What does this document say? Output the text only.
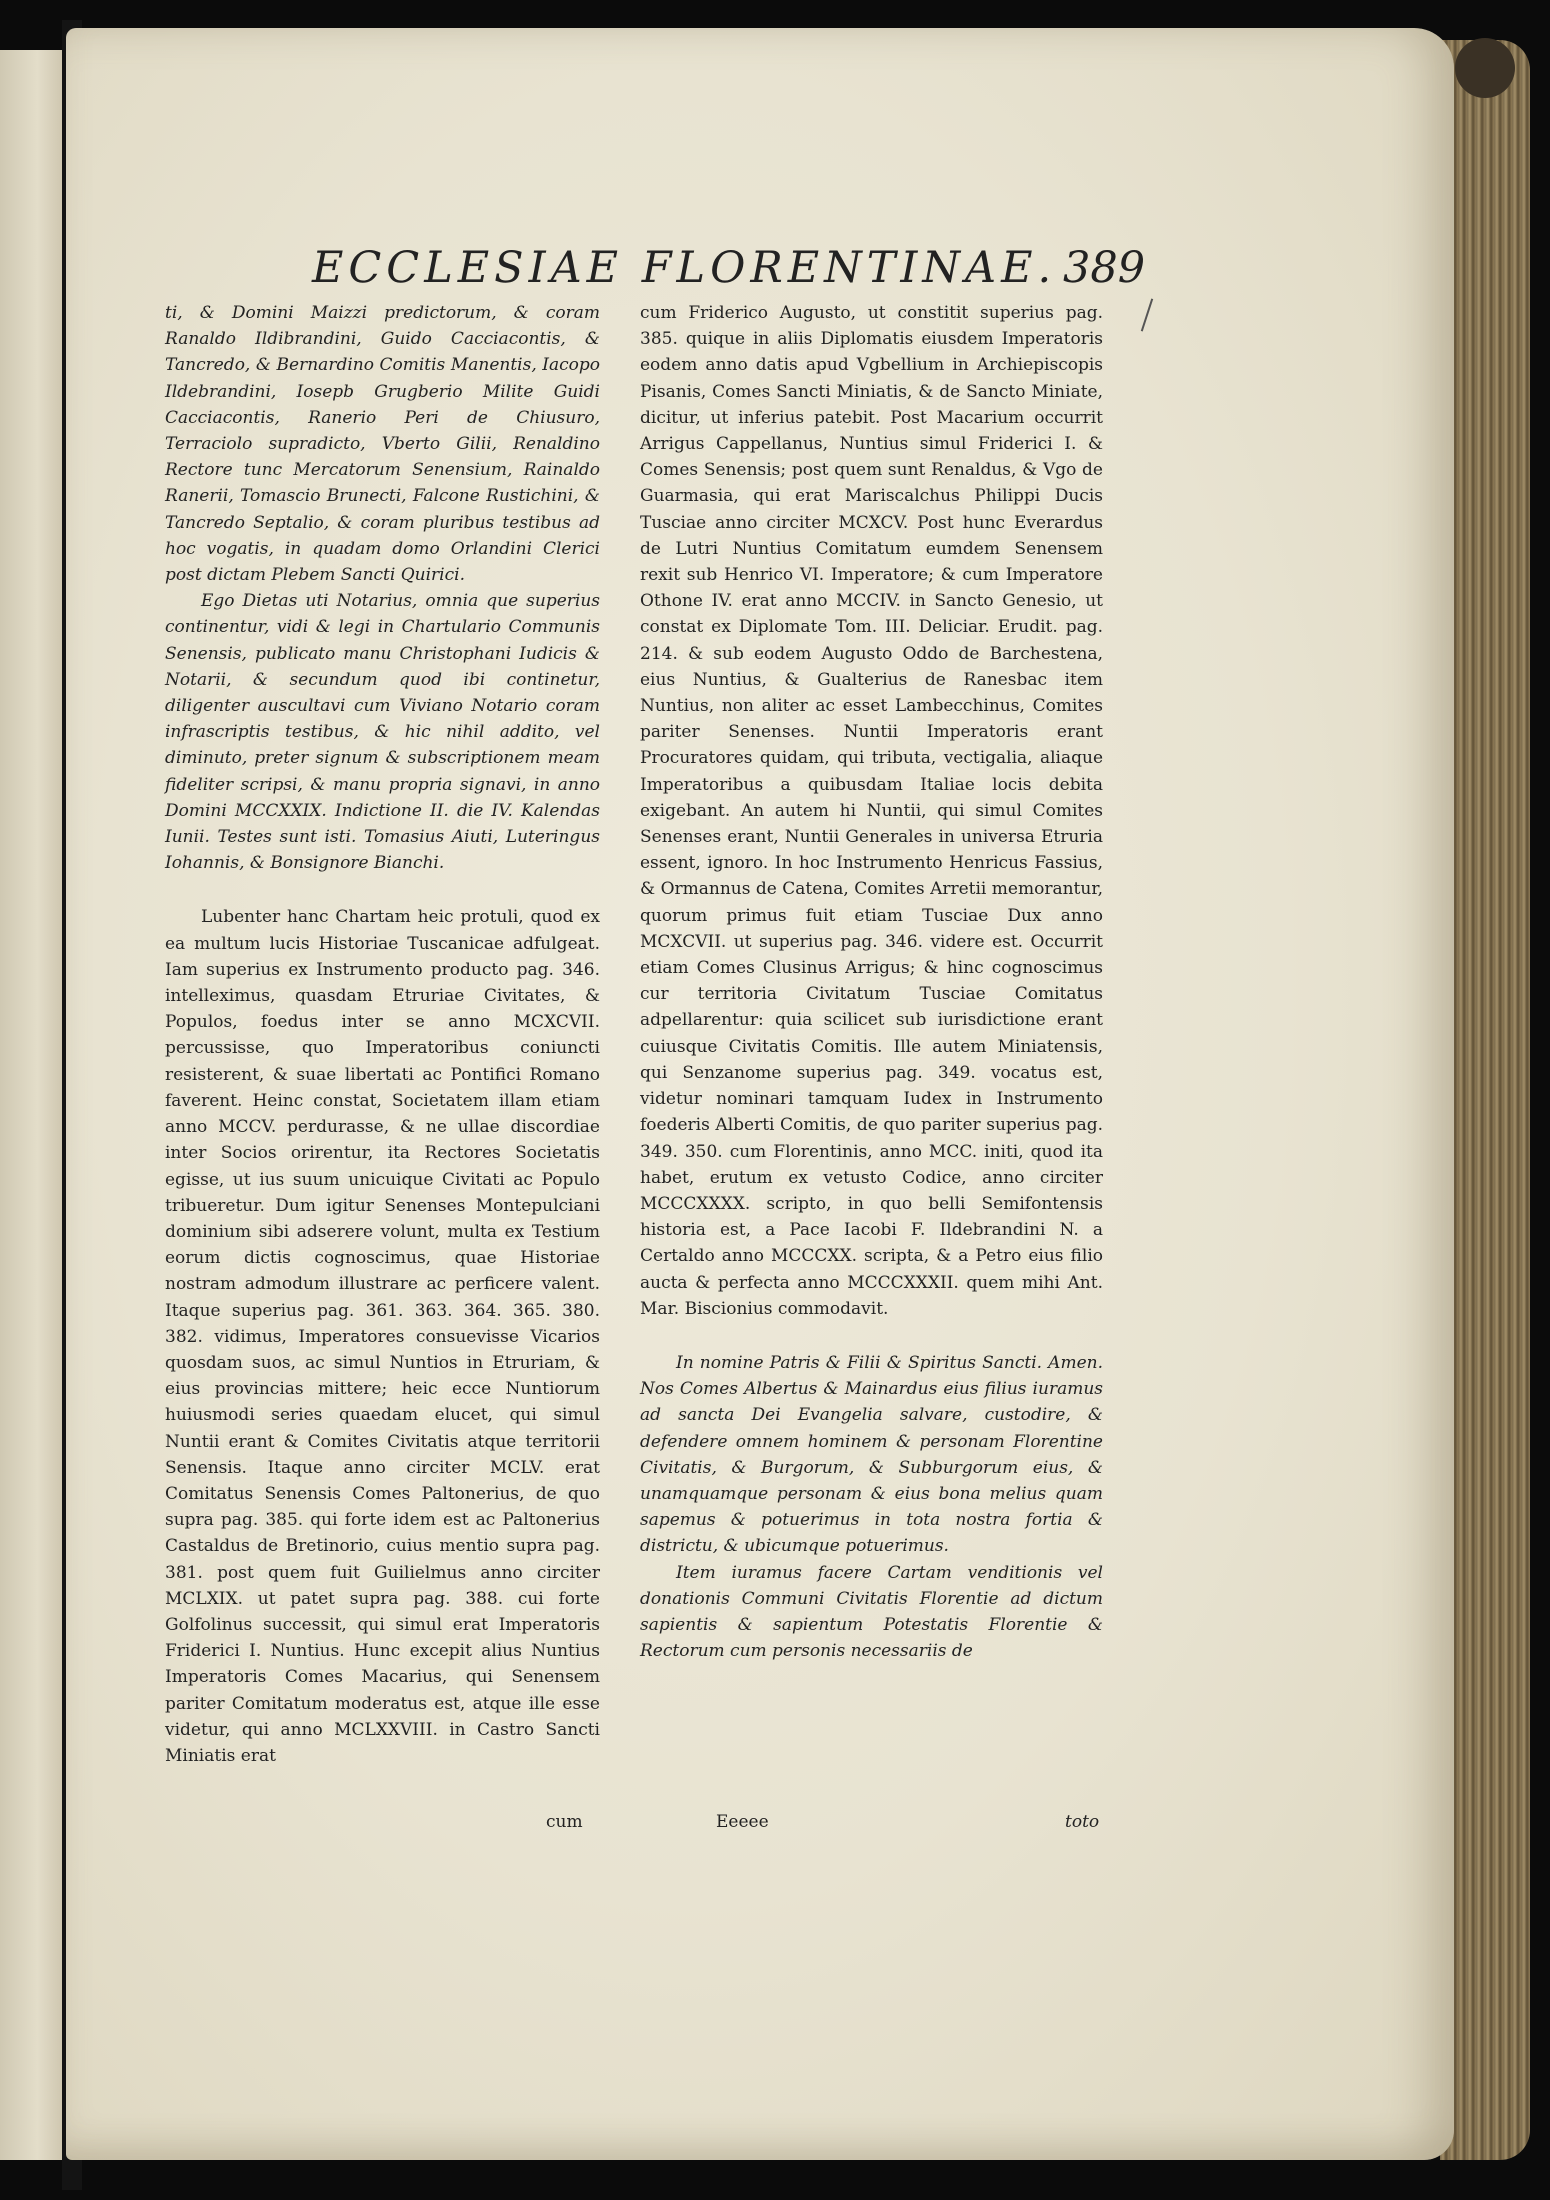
ECCLESIAE FLORENTINAE. 389

ti, & Domini Maizzi predictorum, & coram Ranaldo Ildibrandini, Guido Cacciacontis, & Tancredo, & Bernardino Comitis Manentis, Iacopo Ildebrandini, Iosepb Grugberio Milite Guidi Cacciacontis, Ranerio Peri de Chiusuro, Terraciolo supradicto, Vberto Gilii, Renaldino Rectore tunc Mercatorum Senensium, Rainaldo Ranerii, Tomascio Brunecti, Falcone Rustichini, & Tancredo Septalio, & coram pluribus testibus ad hoc vogatis, in quadam domo Orlandini Clerici post dictam Plebem Sancti Quirici.

Ego Dietas uti Notarius, omnia que superius continentur, vidi & legi in Chartulario Communis Senensis, publicato manu Christophani Iudicis & Notarii, & secundum quod ibi continetur, diligenter auscultavi cum Viviano Notario coram infrascriptis testibus, & hic nihil addito, vel diminuto, preter signum & subscriptionem meam fideliter scripsi, & manu propria signavi, in anno Domini MCCXXIX. Indictione II. die IV. Kalendas Iunii. Testes sunt isti. Tomasius Aiuti, Luteringus Iohannis, & Bonsignore Bianchi.

Lubenter hanc Chartam heic protuli, quod ex ea multum lucis Historiae Tuscanicae adfulgeat. Iam superius ex Instrumento producto pag. 346. intelleximus, quasdam Etruriae Civitates, & Populos, foedus inter se anno MCXCVII. percussisse, quo Imperatoribus coniuncti resisterent, & suae libertati ac Pontifici Romano faverent. Heinc constat, Societatem illam etiam anno MCCV. perdurasse, & ne ullae discordiae inter Socios orirentur, ita Rectores Societatis egisse, ut ius suum unicuique Civitati ac Populo tribueretur. Dum igitur Senenses Montepulciani dominium sibi adserere volunt, multa ex Testium eorum dictis cognoscimus, quae Historiae nostram admodum illustrare ac perficere valent. Itaque superius pag. 361. 363. 364. 365. 380. 382. vidimus, Imperatores consuevisse Vicarios quosdam suos, ac simul Nuntios in Etruriam, & eius provincias mittere; heic ecce Nuntiorum huiusmodi series quaedam elucet, qui simul Nuntii erant & Comites Civitatis atque territorii Senensis. Itaque anno circiter MCLV. erat Comitatus Senensis Comes Paltonerius, de quo supra pag. 385. qui forte idem est ac Paltonerius Castaldus de Bretinorio, cuius mentio supra pag. 381. post quem fuit Guilielmus anno circiter MCLXIX. ut patet supra pag. 388. cui forte Golfolinus successit, qui simul erat Imperatoris Friderici I. Nuntius. Hunc excepit alius Nuntius Imperatoris Comes Macarius, qui Senensem pariter Comitatum moderatus est, atque ille esse videtur, qui anno MCLXXVIII. in Castro Sancti Miniatis erat

cum Friderico Augusto, ut constitit superius pag. 385. quique in aliis Diplomatis eiusdem Imperatoris eodem anno datis apud Vgbellium in Archiepiscopis Pisanis, Comes Sancti Miniatis, & de Sancto Miniate, dicitur, ut inferius patebit. Post Macarium occurrit Arrigus Cappellanus, Nuntius simul Friderici I. & Comes Senensis; post quem sunt Renaldus, & Vgo de Guarmasia, qui erat Mariscalchus Philippi Ducis Tusciae anno circiter MCXCV. Post hunc Everardus de Lutri Nuntius Comitatum eumdem Senensem rexit sub Henrico VI. Imperatore; & cum Imperatore Othone IV. erat anno MCCIV. in Sancto Genesio, ut constat ex Diplomate Tom. III. Deliciar. Erudit. pag. 214. & sub eodem Augusto Oddo de Barchestena, eius Nuntius, & Gualterius de Ranesbac item Nuntius, non aliter ac esset Lambecchinus, Comites pariter Senenses. Nuntii Imperatoris erant Procuratores quidam, qui tributa, vectigalia, aliaque Imperatoribus a quibusdam Italiae locis debita exigebant. An autem hi Nuntii, qui simul Comites Senenses erant, Nuntii Generales in universa Etruria essent, ignoro. In hoc Instrumento Henricus Fassius, & Ormannus de Catena, Comites Arretii memorantur, quorum primus fuit etiam Tusciae Dux anno MCXCVII. ut superius pag. 346. videre est. Occurrit etiam Comes Clusinus Arrigus; & hinc cognoscimus cur territoria Civitatum Tusciae Comitatus adpellarentur: quia scilicet sub iurisdictione erant cuiusque Civitatis Comitis. Ille autem Miniatensis, qui Senzanome superius pag. 349. vocatus est, videtur nominari tamquam Iudex in Instrumento foederis Alberti Comitis, de quo pariter superius pag. 349. 350. cum Florentinis, anno MCC. initi, quod ita habet, erutum ex vetusto Codice, anno circiter MCCCXXXX. scripto, in quo belli Semifontensis historia est, a Pace Iacobi F. Ildebrandini N. a Certaldo anno MCCCXX. scripta, & a Petro eius filio aucta & perfecta anno MCCCXXXII. quem mihi Ant. Mar. Biscionius commodavit.

In nomine Patris & Filii & Spiritus Sancti. Amen. Nos Comes Albertus & Mainardus eius filius iuramus ad sancta Dei Evangelia salvare, custodire, & defendere omnem hominem & personam Florentine Civitatis, & Burgorum, & Subburgorum eius, & unamquamque personam & eius bona melius quam sapemus & potuerimus in tota nostra fortia & districtu, & ubicumque potuerimus.

Item iuramus facere Cartam venditionis vel donationis Communi Civitatis Florentie ad dictum sapientis & sapientum Potestatis Florentie & Rectorum cum personis necessariis de

cum	Eeeee	toto
